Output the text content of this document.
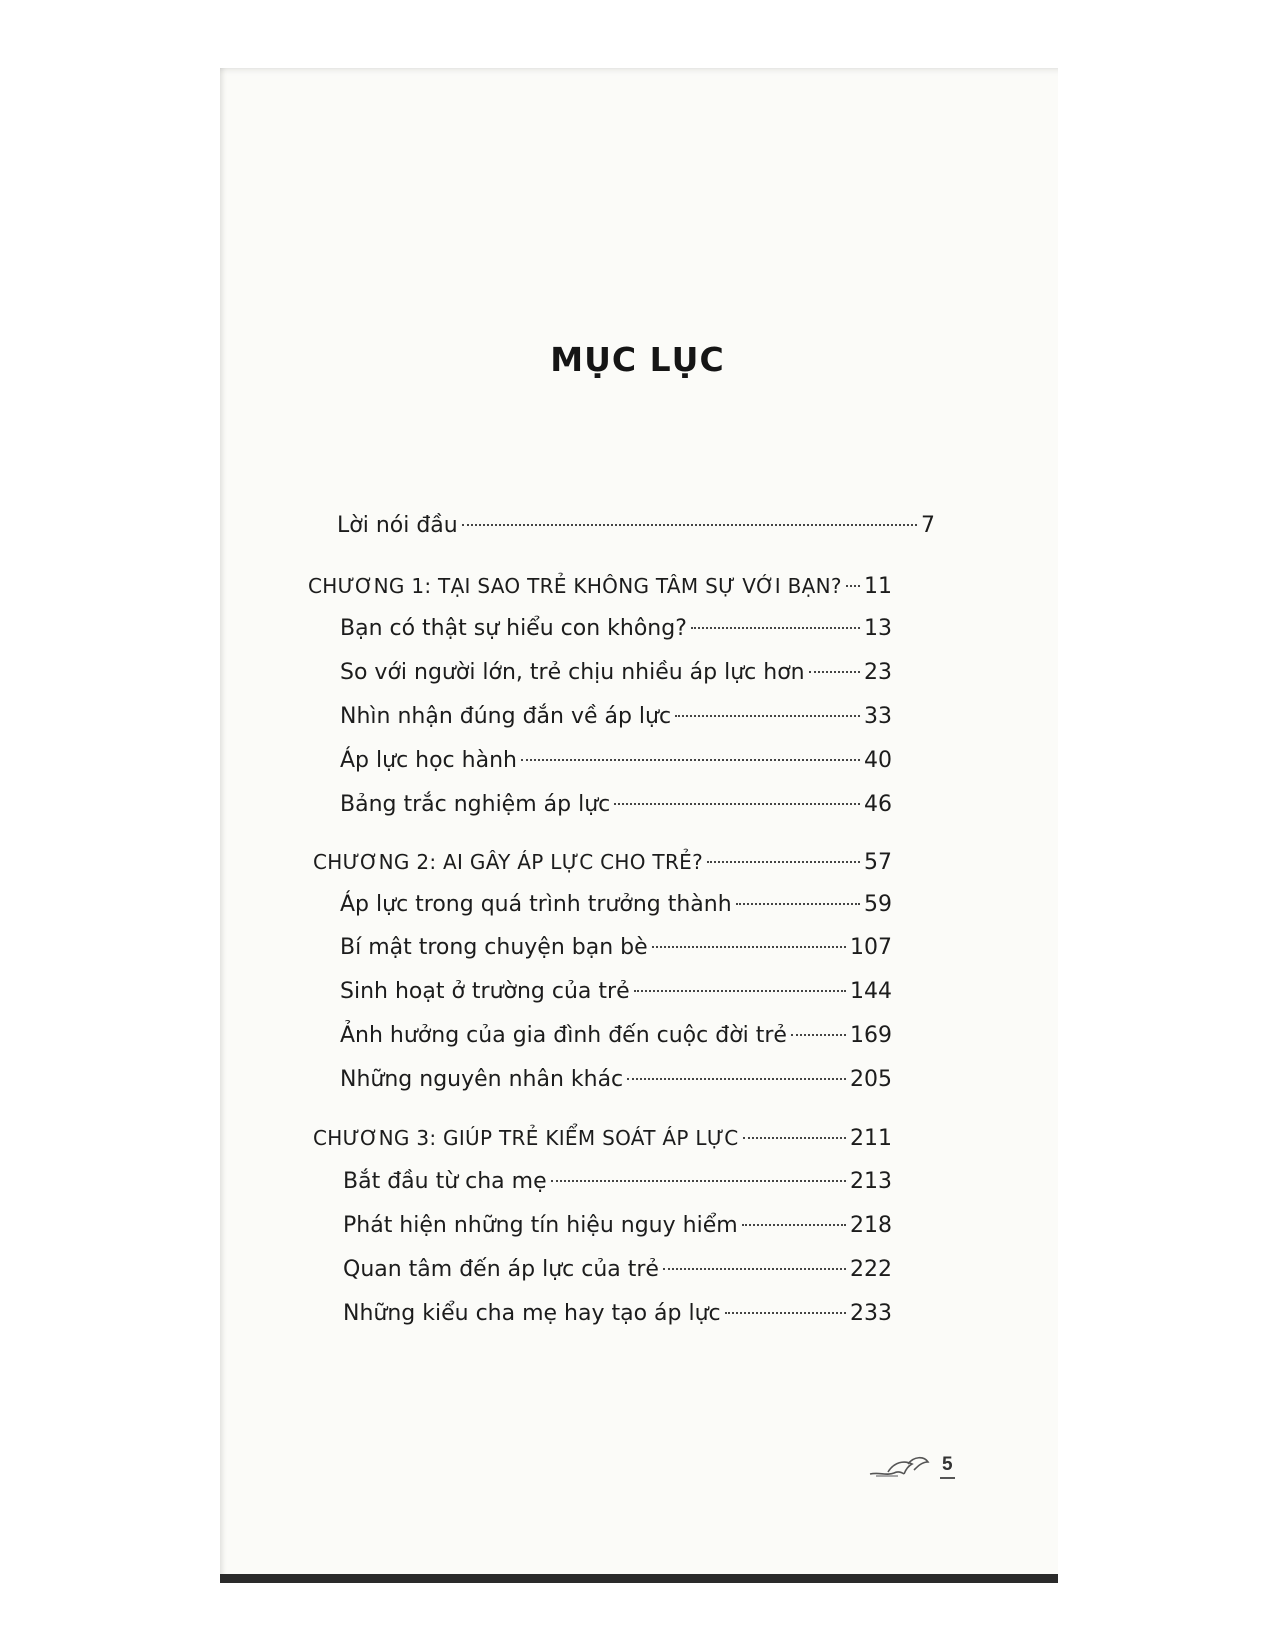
MỤC LỤC
Lời nói đầu	7
CHƯƠNG 1: TẠI SAO TRẺ KHÔNG TÂM SỰ VỚI BẠN? 11
Bạn có thật sự hiểu con không?	13
So với người lớn, trẻ chịu nhiều áp lực hơn	23
Nhìn nhận đúng đắn về áp lực	33
Áp lực học hành	40
Bảng trắc nghiệm áp lực	46
CHƯƠNG 2: AI GÂY ÁP LỰC CHO TRẺ?	57
Áp lực trong quá trình trưởng thành	59
Bí mật trong chuyện bạn bè	107
Sinh hoạt ở trường của trẻ	144
Ảnh hưởng của gia đình đến cuộc đời trẻ	169
Những nguyên nhân khác	205
CHƯƠNG 3: GIÚP TRẺ KIỂM SOÁT ÁP LỰC	211
Bắt đầu từ cha mẹ	213
Phát hiện những tín hiệu nguy hiểm	218
Quan tâm đến áp lực của trẻ	222
Những kiểu cha mẹ hay tạo áp lực	233
5
